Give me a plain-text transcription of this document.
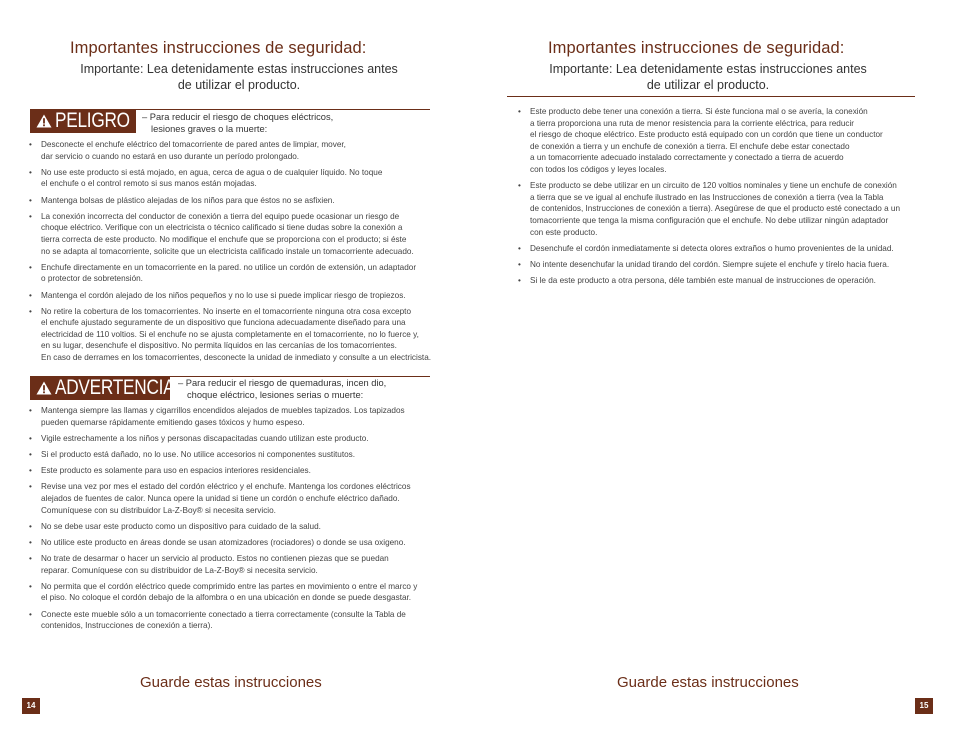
Importantes instrucciones de seguridad:
Importante: Lea detenidamente estas instrucciones antes
de utilizar el producto.
PELIGRO – Para reducir el riesgo de choques eléctricos,
lesiones graves o la muerte:
• Desconecte el enchufe eléctrico del tomacorriente de pared antes de limpiar, mover,
dar servicio o cuando no estará en uso durante un período prolongado.
• No use este producto si está mojado, en agua, cerca de agua o de cualquier líquido. No toque
el enchufe o el control remoto si sus manos están mojadas.
• Mantenga bolsas de plástico alejadas de los niños para que éstos no se asfixien.
• La conexión incorrecta del conductor de conexión a tierra del equipo puede ocasionar un riesgo de
choque eléctrico. Verifique con un electricista o técnico calificado si tiene dudas sobre la conexión a
tierra correcta de este producto. No modifique el enchufe que se proporciona con el producto; si éste
no se adapta al tomacorriente, solicite que un electricista calificado instale un tomacorriente adecuado.
• Enchufe directamente en un tomacorriente en la pared. no utilice un cordón de extensión, un adaptador
o protector de sobretensión.
• Mantenga el cordón alejado de los niños pequeños y no lo use si puede implicar riesgo de tropiezos.
• No retire la cobertura de los tomacorrientes. No inserte en el tomacorriente ninguna otra cosa excepto
el enchufe ajustado seguramente de un dispositivo que funciona adecuadamente diseñado para una
electricidad de 110 voltios. Si el enchufe no se ajusta completamente en el tomacorriente, no lo fuerce y,
en su lugar, desenchufe el dispositivo. No permita líquidos en las cercanías de los tomacorrientes.
En caso de derrames en los tomacorrientes, desconecte la unidad de inmediato y consulte a un electricista.
ADVERTENCIA – Para reducir el riesgo de quemaduras, incen dio,
choque eléctrico, lesiones serias o muerte:
• Mantenga siempre las llamas y cigarrillos encendidos alejados de muebles tapizados. Los tapizados
pueden quemarse rápidamente emitiendo gases tóxicos y humo espeso.
• Vigile estrechamente a los niños y personas discapacitadas cuando utilizan este producto.
• Si el producto está dañado, no lo use. No utilice accesorios ni componentes sustitutos.
• Este producto es solamente para uso en espacios interiores residenciales.
• Revise una vez por mes el estado del cordón eléctrico y el enchufe. Mantenga los cordones eléctricos
alejados de fuentes de calor. Nunca opere la unidad si tiene un cordón o enchufe eléctrico dañado.
Comuníquese con su distribuidor La-Z-Boy® si necesita servicio.
• No se debe usar este producto como un dispositivo para cuidado de la salud.
• No utilice este producto en áreas donde se usan atomizadores (rociadores) o donde se usa oxigeno.
• No trate de desarmar o hacer un servicio al producto. Estos no contienen piezas que se puedan
reparar. Comuníquese con su distribuidor de La-Z-Boy® si necesita servicio.
• No permita que el cordón eléctrico quede comprimido entre las partes en movimiento o entre el marco y
el piso. No coloque el cordón debajo de la alfombra o en una ubicación en donde se puede desgastar.
• Conecte este mueble sólo a un tomacorriente conectado a tierra correctamente (consulte la Tabla de
contenidos, Instrucciones de conexión a tierra).
Guarde estas instrucciones
14
Importantes instrucciones de seguridad:
Importante: Lea detenidamente estas instrucciones antes
de utilizar el producto.
• Este producto debe tener una conexión a tierra. Si éste funciona mal o se avería, la conexión
a tierra proporciona una ruta de menor resistencia para la corriente eléctrica, para reducir
el riesgo de choque eléctrico. Este producto está equipado con un cordón que tiene un conductor
de conexión a tierra y un enchufe de conexión a tierra. El enchufe debe estar conectado
a un tomacorriente adecuado instalado correctamente y conectado a tierra de acuerdo
con todos los códigos y leyes locales.
• Este producto se debe utilizar en un circuito de 120 voltios nominales y tiene un enchufe de conexión
a tierra que se ve igual al enchufe ilustrado en las Instrucciones de conexión a tierra (vea la Tabla
de contenidos, Instrucciones de conexión a tierra). Asegúrese de que el producto esté conectado a un
tomacorriente que tenga la misma configuración que el enchufe. No debe utilizar ningún adaptador
con este producto.
• Desenchufe el cordón inmediatamente si detecta olores extraños o humo provenientes de la unidad.
• No intente desenchufar la unidad tirando del cordón. Siempre sujete el enchufe y tírelo hacia fuera.
• Si le da este producto a otra persona, déle también este manual de instrucciones de operación.
Guarde estas instrucciones
15
